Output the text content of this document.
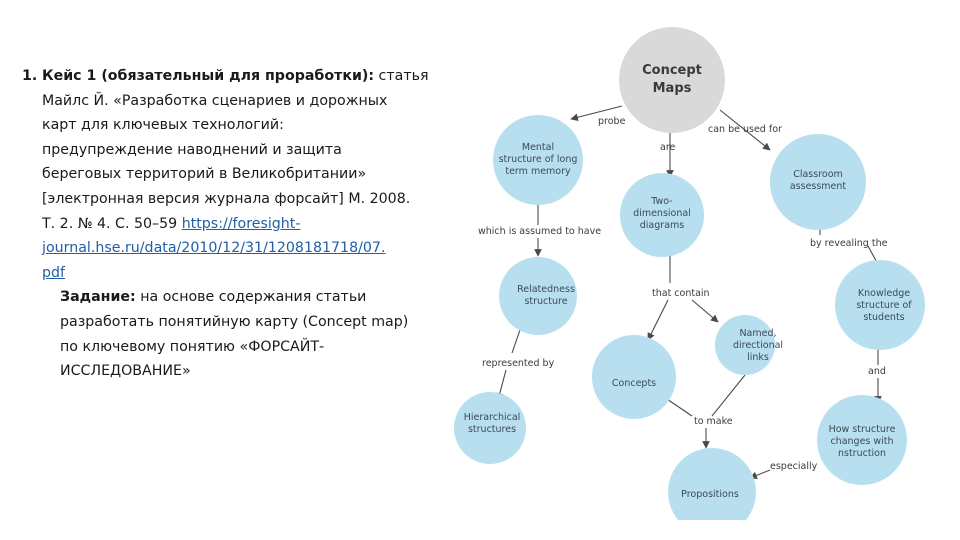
1. Кейс 1 (обязательный для проработки): статья
Майлс Й. «Разработка сценариев и дорожных
карт для ключевых технологий:
предупреждение наводнений и защита
береговых территорий в Великобритании»
[электронная версия журнала форсайт] М. 2008.
Т. 2. № 4. С. 50–59 https://foresight-
journal.hse.ru/data/2010/12/31/1208181718/07.
pdf
Задание: на основе содержания статьи
разработать понятийную карту (Concept map)
по ключевому понятию «ФОРСАЙТ-
ИССЛЕДОВАНИЕ»
probe
are
can be used for
which is assumed to have
by revealing the
that contain
represented by
and
to make
especially
Concept
Maps
Mental
structure of long
term memory
Two-
dimensional
diagrams
Classroom
assessment
Relatedness
structure
Knowledge
structure of
students
Named,
directional
links
Concepts
Hierarchical
structures	How structure
changes with
nstruction
Propositions
